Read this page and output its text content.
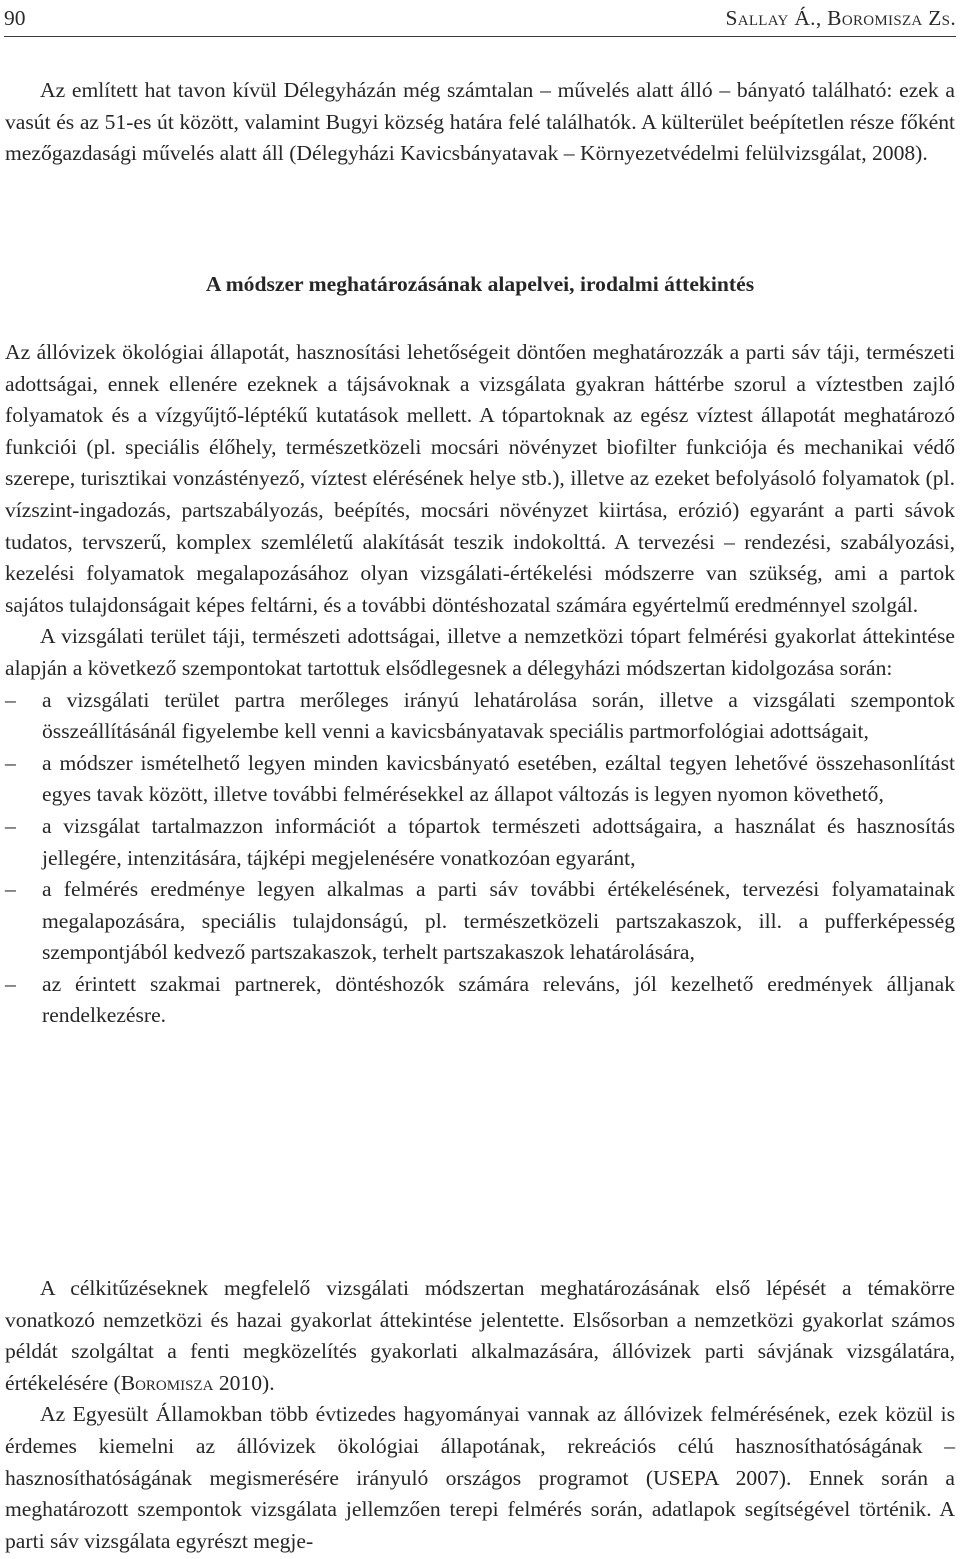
90	Sallay Á., Boromisza Zs.

Az említett hat tavon kívül Délegyházán még számtalan – művelés alatt álló – bányató található: ezek a vasút és az 51-es út között, valamint Bugyi község határa felé találhatók. A külterület beépítetlen része főként mezőgazdasági művelés alatt áll (Délegyházi Kavicsbányatavak – Környezetvédelmi felülvizsgálat, 2008).

A módszer meghatározásának alapelvei, irodalmi áttekintés

Az állóvizek ökológiai állapotát, hasznosítási lehetőségeit döntően meghatározzák a parti sáv táji, természeti adottságai, ennek ellenére ezeknek a tájsávoknak a vizsgálata gyakran háttérbe szorul a víztestben zajló folyamatok és a vízgyűjtő-léptékű kutatások mellett. A tópartoknak az egész víztest állapotát meghatározó funkciói (pl. speciális élőhely, természetközeli mocsári növényzet biofilter funkciója és mechanikai védő szerepe, turisztikai vonzástényező, víztest elérésének helye stb.), illetve az ezeket befolyásoló folyamatok (pl. vízszint-ingadozás, partszabályozás, beépítés, mocsári növényzet kiirtása, erózió) egyaránt a parti sávok tudatos, tervszerű, komplex szemléletű alakítását teszik indokolttá. A tervezési – rendezési, szabályozási, kezelési folyamatok megalapozásához olyan vizsgálati-értékelési módszerre van szükség, ami a partok sajátos tulajdonságait képes feltárni, és a további döntéshozatal számára egyértelmű eredménnyel szolgál.

A vizsgálati terület táji, természeti adottságai, illetve a nemzetközi tópart felmérési gyakorlat áttekintése alapján a következő szempontokat tartottuk elsődlegesnek a délegyházi módszertan kidolgozása során:

– a vizsgálati terület partra merőleges irányú lehatárolása során, illetve a vizsgálati szempontok összeállításánál figyelembe kell venni a kavicsbányatavak speciális partmorfológiai adottságait,
– a módszer ismételhető legyen minden kavicsbányató esetében, ezáltal tegyen lehetővé összehasonlítást egyes tavak között, illetve további felmérésekkel az állapot változás is legyen nyomon követhető,
– a vizsgálat tartalmazzon információt a tópartok természeti adottságaira, a használat és hasznosítás jellegére, intenzitására, tájképi megjelenésére vonatkozóan egyaránt,
– a felmérés eredménye legyen alkalmas a parti sáv további értékelésének, tervezési folyamatainak megalapozására, speciális tulajdonságú, pl. természetközeli partszakaszok, ill. a pufferképesség szempontjából kedvező partszakaszok, terhelt partszakaszok lehatárolására,
– az érintett szakmai partnerek, döntéshozók számára releváns, jól kezelhető eredmények álljanak rendelkezésre.

A célkitűzéseknek megfelelő vizsgálati módszertan meghatározásának első lépését a témakörre vonatkozó nemzetközi és hazai gyakorlat áttekintése jelentette. Elsősorban a nemzetközi gyakorlat számos példát szolgáltat a fenti megközelítés gyakorlati alkalmazására, állóvizek parti sávjának vizsgálatára, értékelésére (Boromisza 2010).

Az Egyesült Államokban több évtizedes hagyományai vannak az állóvizek felmérésének, ezek közül is érdemes kiemelni az állóvizek ökológiai állapotának, rekreációs célú hasznosíthatóságának – hasznosíthatóságának megismerésére irányuló országos programot (USEPA 2007). Ennek során a meghatározott szempontok vizsgálata jellemzően terepi felmérés során, adatlapok segítségével történik. A parti sáv vizsgálata egyrészt megje-
